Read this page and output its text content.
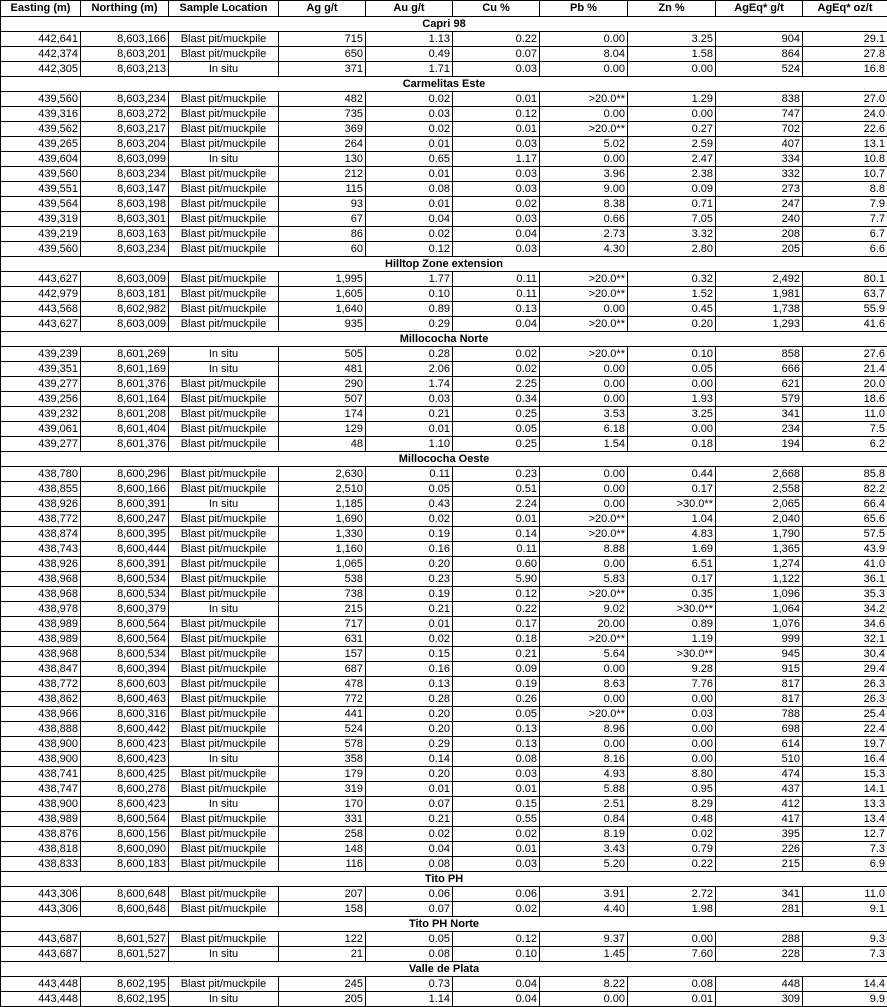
Easting (m)	Northing (m)	Sample Location	Ag g/t	Au g/t	Cu %	Pb %	Zn %	AgEq* g/t	AgEq* oz/t
Capri 98									
442,641	8,603,166	Blast pit/muckpile	715	1.13	0.22	0.00	3.25	904	29.1
442,374	8,603,201	Blast pit/muckpile	650	0.49	0.07	8.04	1.58	864	27.8
442,305	8,603,213	In situ	371	1.71	0.03	0.00	0.00	524	16.8
Carmelitas Este									
439,560	8,603,234	Blast pit/muckpile	482	0.02	0.01	>20.0**	1.29	838	27.0
439,316	8,603,272	Blast pit/muckpile	735	0.03	0.12	0.00	0.00	747	24.0
439,562	8,603,217	Blast pit/muckpile	369	0.02	0.01	>20.0**	0.27	702	22.6
439,265	8,603,204	Blast pit/muckpile	264	0.01	0.03	5.02	2.59	407	13.1
439,604	8,603,099	In situ	130	0.65	1.17	0.00	2.47	334	10.8
439,560	8,603,234	Blast pit/muckpile	212	0.01	0.03	3.96	2.38	332	10.7
439,551	8,603,147	Blast pit/muckpile	115	0.08	0.03	9.00	0.09	273	8.8
439,564	8,603,198	Blast pit/muckpile	93	0.01	0.02	8.38	0.71	247	7.9
439,319	8,603,301	Blast pit/muckpile	67	0.04	0.03	0.66	7.05	240	7.7
439,219	8,603,163	Blast pit/muckpile	86	0.02	0.04	2.73	3.32	208	6.7
439,560	8,603,234	Blast pit/muckpile	60	0.12	0.03	4.30	2.80	205	6.6
Hilltop Zone extension									
443,627	8,603,009	Blast pit/muckpile	1,995	1.77	0.11	>20.0**	0.32	2,492	80.1
442,979	8,603,181	Blast pit/muckpile	1,605	0.10	0.11	>20.0**	1.52	1,981	63.7
443,568	8,602,982	Blast pit/muckpile	1,640	0.89	0.13	0.00	0.45	1,738	55.9
443,627	8,603,009	Blast pit/muckpile	935	0.29	0.04	>20.0**	0.20	1,293	41.6
Millococha Norte									
439,239	8,601,269	In situ	505	0.28	0.02	>20.0**	0.10	858	27.6
439,351	8,601,169	In situ	481	2.06	0.02	0.00	0.05	666	21.4
439,277	8,601,376	Blast pit/muckpile	290	1.74	2.25	0.00	0.00	621	20.0
439,256	8,601,164	Blast pit/muckpile	507	0.03	0.34	0.00	1.93	579	18.6
439,232	8,601,208	Blast pit/muckpile	174	0.21	0.25	3.53	3.25	341	11.0
439,061	8,601,404	Blast pit/muckpile	129	0.01	0.05	6.18	0.00	234	7.5
439,277	8,601,376	Blast pit/muckpile	48	1.10	0.25	1.54	0.18	194	6.2
Millococha Oeste									
438,780	8,600,296	Blast pit/muckpile	2,630	0.11	0.23	0.00	0.44	2,668	85.8
438,855	8,600,166	Blast pit/muckpile	2,510	0.05	0.51	0.00	0.17	2,558	82.2
438,926	8,600,391	In situ	1,185	0.43	2.24	0.00	>30.0**	2,065	66.4
438,772	8,600,247	Blast pit/muckpile	1,690	0.02	0.01	>20.0**	1.04	2,040	65.6
438,874	8,600,395	Blast pit/muckpile	1,330	0.19	0.14	>20.0**	4.83	1,790	57.5
438,743	8,600,444	Blast pit/muckpile	1,160	0.16	0.11	8.88	1.69	1,365	43.9
438,926	8,600,391	Blast pit/muckpile	1,065	0.20	0.60	0.00	6.51	1,274	41.0
438,968	8,600,534	Blast pit/muckpile	538	0.23	5.90	5.83	0.17	1,122	36.1
438,968	8,600,534	Blast pit/muckpile	738	0.19	0.12	>20.0**	0.35	1,096	35.3
438,978	8,600,379	In situ	215	0.21	0.22	9.02	>30.0**	1,064	34.2
438,989	8,600,564	Blast pit/muckpile	717	0.01	0.17	20.00	0.89	1,076	34.6
438,989	8,600,564	Blast pit/muckpile	631	0.02	0.18	>20.0**	1.19	999	32.1
438,968	8,600,534	Blast pit/muckpile	157	0.15	0.21	5.64	>30.0**	945	30.4
438,847	8,600,394	Blast pit/muckpile	687	0.16	0.09	0.00	9.28	915	29.4
438,772	8,600,603	Blast pit/muckpile	478	0.13	0.19	8.63	7.76	817	26.3
438,862	8,600,463	Blast pit/muckpile	772	0.28	0.26	0.00	0.00	817	26.3
438,966	8,600,316	Blast pit/muckpile	441	0.20	0.05	>20.0**	0.03	788	25.4
438,888	8,600,442	Blast pit/muckpile	524	0.20	0.13	8.96	0.00	698	22.4
438,900	8,600,423	Blast pit/muckpile	578	0.29	0.13	0.00	0.00	614	19.7
438,900	8,600,423	In situ	358	0.14	0.08	8.16	0.00	510	16.4
438,741	8,600,425	Blast pit/muckpile	179	0.20	0.03	4.93	8.80	474	15.3
438,747	8,600,278	Blast pit/muckpile	319	0.01	0.01	5.88	0.95	437	14.1
438,900	8,600,423	In situ	170	0.07	0.15	2.51	8.29	412	13.3
438,989	8,600,564	Blast pit/muckpile	331	0.21	0.55	0.84	0.48	417	13.4
438,876	8,600,156	Blast pit/muckpile	258	0.02	0.02	8.19	0.02	395	12.7
438,818	8,600,090	Blast pit/muckpile	148	0.04	0.01	3.43	0.79	226	7.3
438,833	8,600,183	Blast pit/muckpile	116	0.08	0.03	5.20	0.22	215	6.9
Tito PH									
443,306	8,600,648	Blast pit/muckpile	207	0.06	0.06	3.91	2.72	341	11.0
443,306	8,600,648	Blast pit/muckpile	158	0.07	0.02	4.40	1.98	281	9.1
Tito PH Norte									
443,687	8,601,527	Blast pit/muckpile	122	0.05	0.12	9.37	0.00	288	9.3
443,687	8,601,527	In situ	21	0.08	0.10	1.45	7.60	228	7.3
Valle de Plata									
443,448	8,602,195	Blast pit/muckpile	245	0.73	0.04	8.22	0.08	448	14.4
443,448	8,602,195	In situ	205	1.14	0.04	0.00	0.01	309	9.9
